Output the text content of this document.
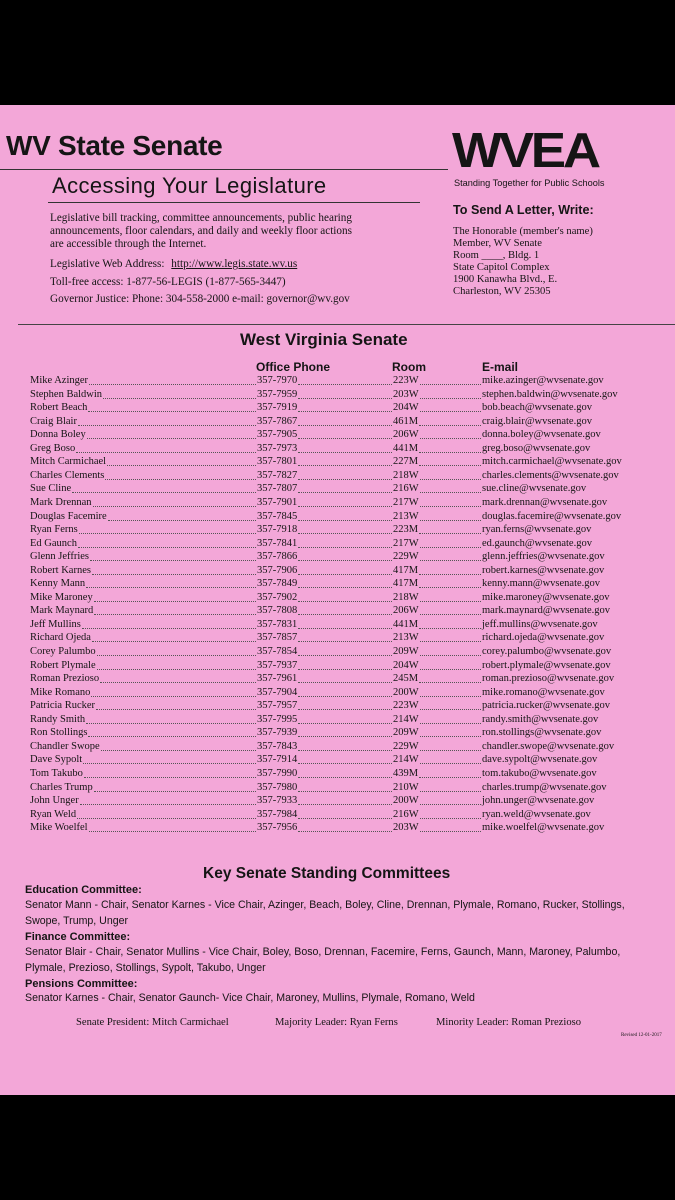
WV State Senate
Accessing Your Legislature
Legislative bill tracking, committee announcements, public hearing
announcements, floor calendars, and daily and weekly floor actions
are accessible through the Internet.
Legislative Web Address: http://www.legis.state.wv.us
Toll-free access: 1-877-56-LEGIS (1-877-565-3447)
Governor Justice: Phone: 304-558-2000 e-mail: governor@wv.gov
WVEA
Standing Together for Public Schools
To Send A Letter, Write:
The Honorable (member's name)
Member, WV Senate
Room ____, Bldg. 1
State Capitol Complex
1900 Kanawha Blvd., E.
Charleston, WV 25305
West Virginia Senate
Office Phone	Room	E-mail
Mike Azinger	357-7970	223W	mike.azinger@wvsenate.gov
Stephen Baldwin	357-7959	203W	stephen.baldwin@wvsenate.gov
Robert Beach	357-7919	204W	bob.beach@wvsenate.gov
Craig Blair	357-7867	461M	craig.blair@wvsenate.gov
Donna Boley	357-7905	206W	donna.boley@wvsenate.gov
Greg Boso	357-7973	441M	greg.boso@wvsenate.gov
Mitch Carmichael	357-7801	227M	mitch.carmichael@wvsenate.gov
Charles Clements	357-7827	218W	charles.clements@wvsenate.gov
Sue Cline	357-7807	216W	sue.cline@wvsenate.gov
Mark Drennan	357-7901	217W	mark.drennan@wvsenate.gov
Douglas Facemire	357-7845	213W	douglas.facemire@wvsenate.gov
Ryan Ferns	357-7918	223M	ryan.ferns@wvsenate.gov
Ed Gaunch	357-7841	217W	ed.gaunch@wvsenate.gov
Glenn Jeffries	357-7866	229W	glenn.jeffries@wvsenate.gov
Robert Karnes	357-7906	417M	robert.karnes@wvsenate.gov
Kenny Mann	357-7849	417M	kenny.mann@wvsenate.gov
Mike Maroney	357-7902	218W	mike.maroney@wvsenate.gov
Mark Maynard	357-7808	206W	mark.maynard@wvsenate.gov
Jeff Mullins	357-7831	441M	jeff.mullins@wvsenate.gov
Richard Ojeda	357-7857	213W	richard.ojeda@wvsenate.gov
Corey Palumbo	357-7854	209W	corey.palumbo@wvsenate.gov
Robert Plymale	357-7937	204W	robert.plymale@wvsenate.gov
Roman Prezioso	357-7961	245M	roman.prezioso@wvsenate.gov
Mike Romano	357-7904	200W	mike.romano@wvsenate.gov
Patricia Rucker	357-7957	223W	patricia.rucker@wvsenate.gov
Randy Smith	357-7995	214W	randy.smith@wvsenate.gov
Ron Stollings	357-7939	209W	ron.stollings@wvsenate.gov
Chandler Swope	357-7843	229W	chandler.swope@wvsenate.gov
Dave Sypolt	357-7914	214W	dave.sypolt@wvsenate.gov
Tom Takubo	357-7990	439M	tom.takubo@wvsenate.gov
Charles Trump	357-7980	210W	charles.trump@wvsenate.gov
John Unger	357-7933	200W	john.unger@wvsenate.gov
Ryan Weld	357-7984	216W	ryan.weld@wvsenate.gov
Mike Woelfel	357-7956	203W	mike.woelfel@wvsenate.gov
Key Senate Standing Committees
Education Committee:
Senator Mann - Chair, Senator Karnes - Vice Chair, Azinger, Beach, Boley, Cline, Drennan, Plymale, Romano, Rucker, Stollings, Swope, Trump, Unger
Finance Committee:
Senator Blair - Chair, Senator Mullins - Vice Chair, Boley, Boso, Drennan, Facemire, Ferns, Gaunch, Mann, Maroney, Palumbo, Plymale, Prezioso, Stollings, Sypolt, Takubo, Unger
Pensions Committee:
Senator Karnes - Chair, Senator Gaunch- Vice Chair, Maroney, Mullins, Plymale, Romano, Weld
Senate President: Mitch Carmichael	Majority Leader: Ryan Ferns	Minority Leader: Roman Prezioso
Revised 12-01-2017
